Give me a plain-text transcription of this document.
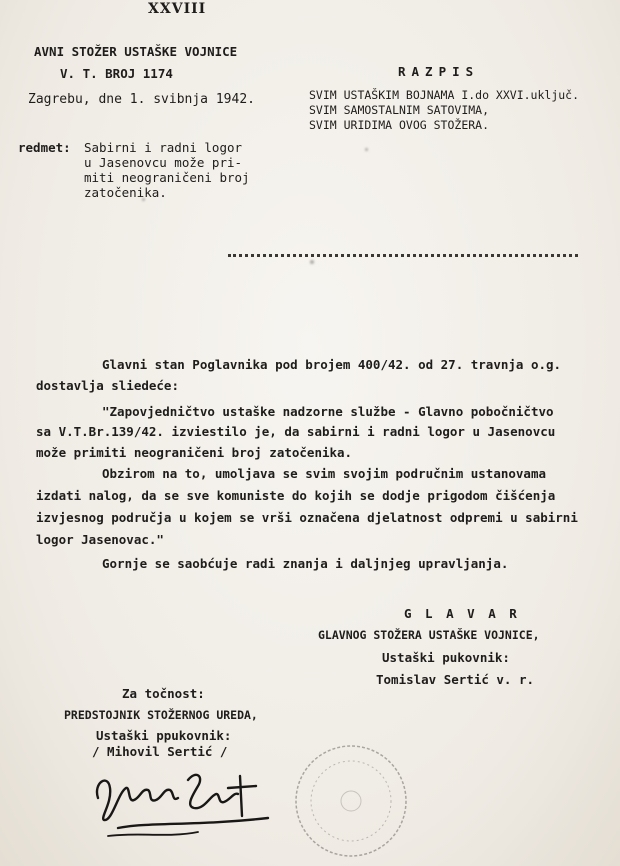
XXVIII
AVNI STOŽER USTAŠKE VOJNICE
V. T. BROJ 1174
Zagrebu, dne 1. svibnja 1942.
RAZPIS
SVIM USTAŠKIM BOJNAMA I.do XXVI.uključ.
SVIM SAMOSTALNIM SATOVIMA,
SVIM URIDIMA OVOG STOŽERA.
redmet: Sabirni i radni logor
u Jasenovcu može pri-
miti neograničeni broj
zatočenika.
Glavni stan Poglavnika pod brojem 400/42. od 27. travnja o.g.
dostavlja sliedeće:
"Zapovjedničtvo ustaške nadzorne službe - Glavno pobočničtvo
sa V.T.Br.139/42. izviestilo je, da sabirni i radni logor u Jasenovcu
može primiti neograničeni broj zatočenika.
Obzirom na to, umoljava se svim svojim područnim ustanovama
izdati nalog, da se sve komuniste do kojih se dodje prigodom čišćenja
izvjesnog područja u kojem se vrši označena djelatnost odpremi u sabirni
logor Jasenovac."
Gornje se saobćuje radi znanja i daljnjeg upravljanja.
G L A V A R
GLAVNOG STOŽERA USTAŠKE VOJNICE,
Ustaški pukovnik:
Tomislav Sertić v. r.
Za točnost:
PREDSTOJNIK STOŽERNOG UREDA,
Ustaški ppukovnik:
/ Mihovil Sertić /
